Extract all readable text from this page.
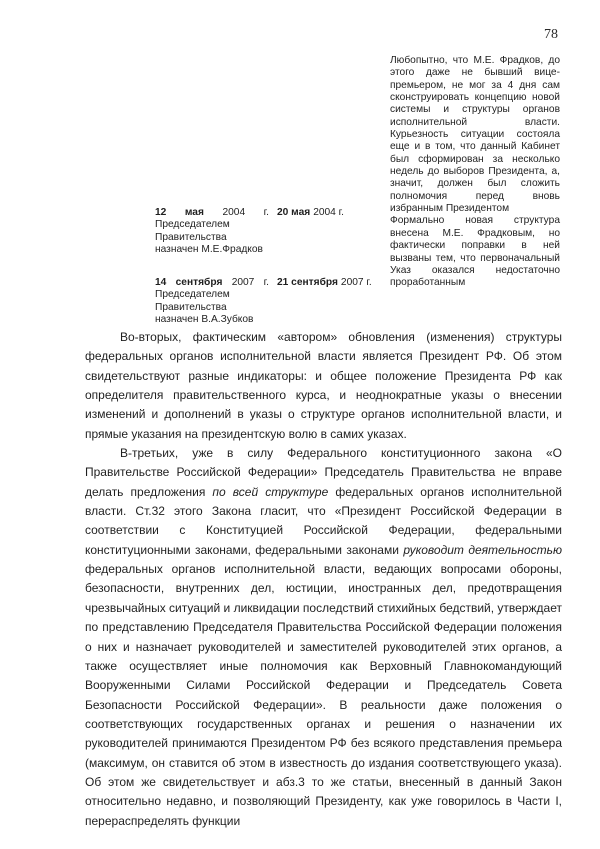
78

Любопытно, что М.Е. Фрадков, до этого даже не бывший вице-премьером, не мог за 4 дня сам сконструировать концепцию новой системы и структуры органов исполнительной власти. Курьезность ситуации состояла еще и в том, что данный Кабинет был сформирован за несколько недель до выборов Президента, а, значит, должен был сложить полномочия перед вновь избранным Президентом

Формально новая структура внесена М.Е. Фрадковым, но фактически поправки в ней вызваны тем, что первоначальный Указ оказался недостаточно проработанным

12 мая 2004 г.
Председателем Правительства назначен М.Е.Фрадков
20 мая 2004 г.
14 сентября 2007 г.
Председателем Правительства назначен В.А.Зубков
21 сентября 2007 г.

Во-вторых, фактическим «автором» обновления (изменения) структуры федеральных органов исполнительной власти является Президент РФ. Об этом свидетельствуют разные индикаторы: и общее положение Президента РФ как определителя правительственного курса, и неоднократные указы о внесении изменений и дополнений в указы о структуре органов исполнительной власти, и прямые указания на президентскую волю в самих указах.

В-третьих, уже в силу Федерального конституционного закона «О Правительстве Российской Федерации» Председатель Правительства не вправе делать предложения по всей структуре федеральных органов исполнительной власти. Ст.32 этого Закона гласит, что «Президент Российской Федерации в соответствии с Конституцией Российской Федерации, федеральными конституционными законами, федеральными законами руководит деятельностью федеральных органов исполнительной власти, ведающих вопросами обороны, безопасности, внутренних дел, юстиции, иностранных дел, предотвращения чрезвычайных ситуаций и ликвидации последствий стихийных бедствий, утверждает по представлению Председателя Правительства Российской Федерации положения о них и назначает руководителей и заместителей руководителей этих органов, а также осуществляет иные полномочия как Верховный Главнокомандующий Вооруженными Силами Российской Федерации и Председатель Совета Безопасности Российской Федерации». В реальности даже положения о соответствующих государственных органах и решения о назначении их руководителей принимаются Президентом РФ без всякого представления премьера (максимум, он ставится об этом в известность до издания соответствующего указа). Об этом же свидетельствует и абз.3 то же статьи, внесенный в данный Закон относительно недавно, и позволяющий Президенту, как уже говорилось в Части I, перераспределять функции
